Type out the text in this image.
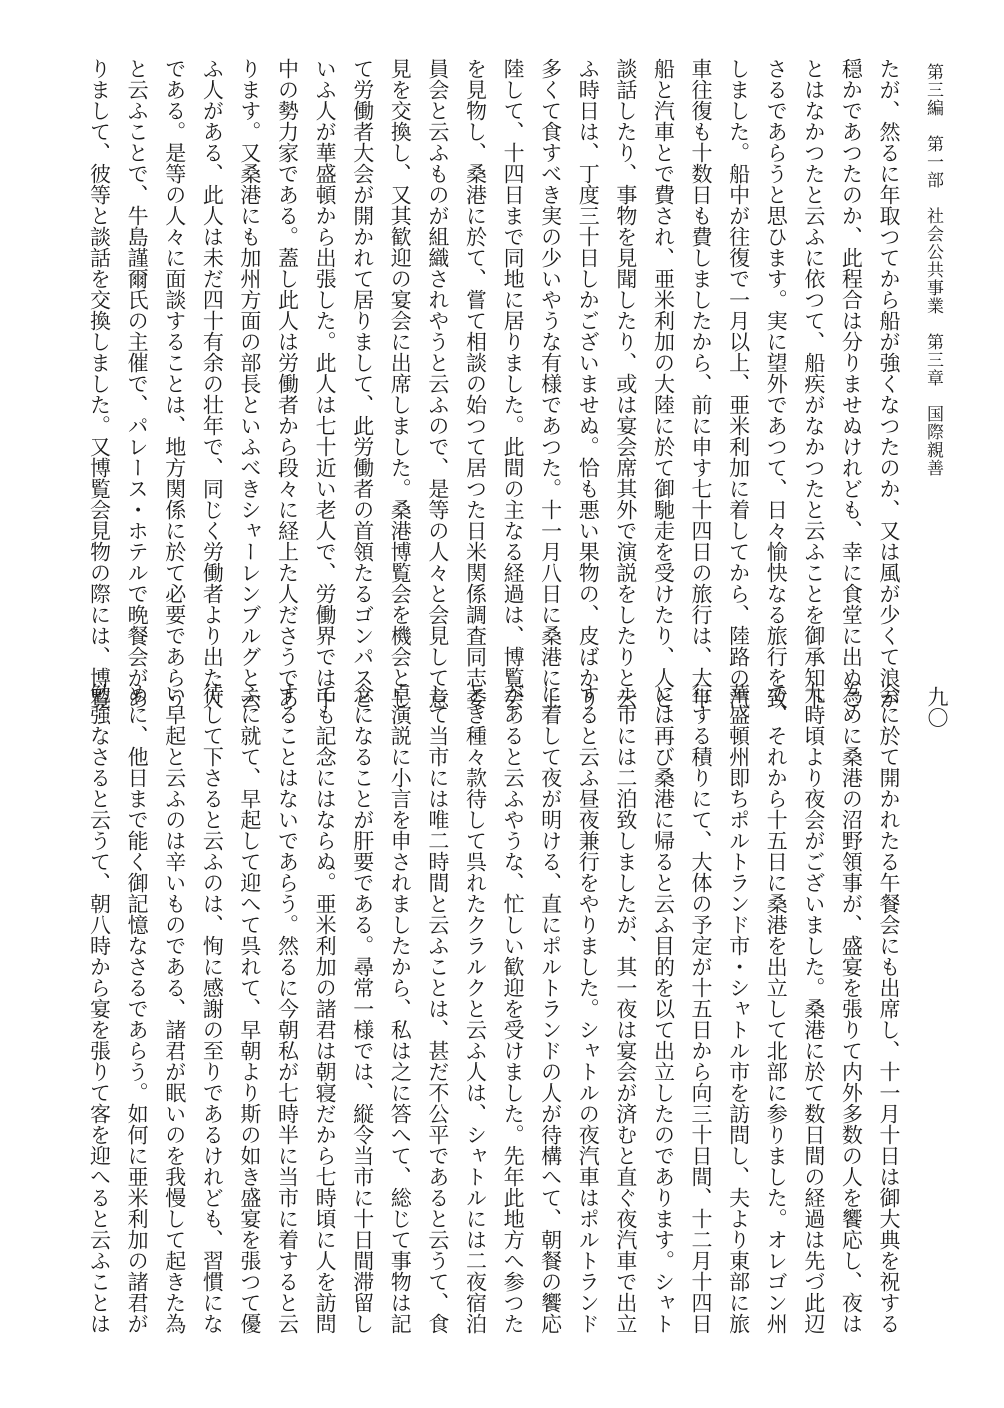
第三編　第一部　社会公共事業　第三章　国際親善
九〇

たが、然るに年取つてから船が強くなつたのか、又は風が少くて浪が

穏かであつたのか、此程合は分りませぬけれども、幸に食堂に出ぬこ

とはなかつたと云ふに依つて、船疾がなかつたと云ふことを御承知下

さるであらうと思ひます。実に望外であつて、日々愉快なる旅行を致

しました。船中が往復で一月以上、亜米利加に着してから、陸路の汽

車往復も十数日も費しましたから、前に申す七十四日の旅行は、大半

船と汽車とで費され、亜米利加の大陸に於て御馳走を受けたり、人と

談話したり、事物を見聞したり、或は宴会席其外で演説をしたりと云

ふ時日は、丁度三十日しかございませぬ。恰も悪い果物の、皮ばかり

多くて食すべき実の少いやうな有様であつた。十一月八日に桑港に上

陸して、十四日まで同地に居りました。此間の主なる経過は、博覧会

を見物し、桑港に於て、嘗て相談の始つて居つた日米関係調査同志委

員会と云ふものが組織されやうと云ふので、是等の人々と会見して意

見を交換し、又其歓迎の宴会に出席しました。桑港博覧会を機会とし

て労働者大会が開かれて居りまして、此労働者の首領たるゴンパスと

いふ人が華盛頓から出張した。此人は七十近い老人で、労働界では中

中の勢力家である。蓋し此人は労働者から段々に経上た人ださうであ

ります。又桑港にも加州方面の部長といふべきシャーレンブルグと云

ふ人がある、此人は未だ四十有余の壮年で、同じく労働者より出た人

である。是等の人々に面談することは、地方関係に於て必要であらう

と云ふことで、牛島謹爾氏の主催で、パレース・ホテルで晩餐会があ

りまして、彼等と談話を交換しました。又博覧会見物の際には、博覧

会に於て開かれたる午餐会にも出席し、十一月十日は御大典を祝する

為めに桑港の沼野領事が、盛宴を張りて内外多数の人を饗応し、夜は

九時頃より夜会がございました。桑港に於て数日間の経過は先づ此辺

で、それから十五日に桑港を出立して北部に参りました。オレゴン州

華盛頓州即ちポルトランド市・シャトル市を訪問し、夫より東部に旅

行する積りにて、大体の予定が十五日から向三十日間、十二月十四日

には再び桑港に帰ると云ふ目的を以て出立したのであります。シャト

ル市には二泊致しましたが、其一夜は宴会が済むと直ぐ夜汽車で出立

すると云ふ昼夜兼行をやりました。シャトルの夜汽車はポルトランド

に着して夜が明ける、直にポルトランドの人が待構へて、朝餐の饗応

があると云ふやうな、忙しい歓迎を受けました。先年此地方へ参つた

とき種々款待して呉れたクラルクと云ふ人は、シャトルには二夜宿泊

して当市には唯二時間と云ふことは、甚だ不公平であると云うて、食

卓演説に小言を申されましたから、私は之に答へて、総じて事物は記

念になることが肝要である。尋常一様では、縦令当市に十日間滞留し

ても記念にはならぬ。亜米利加の諸君は朝寝だから七時頃に人を訪問

することはないであらう。然るに今朝私が七時半に当市に着すると云

ふに就て、早起して迎へて呉れて、早朝より斯の如き盛宴を張つて優

待して下さると云ふのは、恂に感謝の至りであるけれども、習慣にな

い早起と云ふのは辛いものである、諸君が眠いのを我慢して起きた為

めに、他日まで能く御記憶なさるであらう。如何に亜米利加の諸君が

勉強なさると云うて、朝八時から宴を張りて客を迎へると云ふことは
